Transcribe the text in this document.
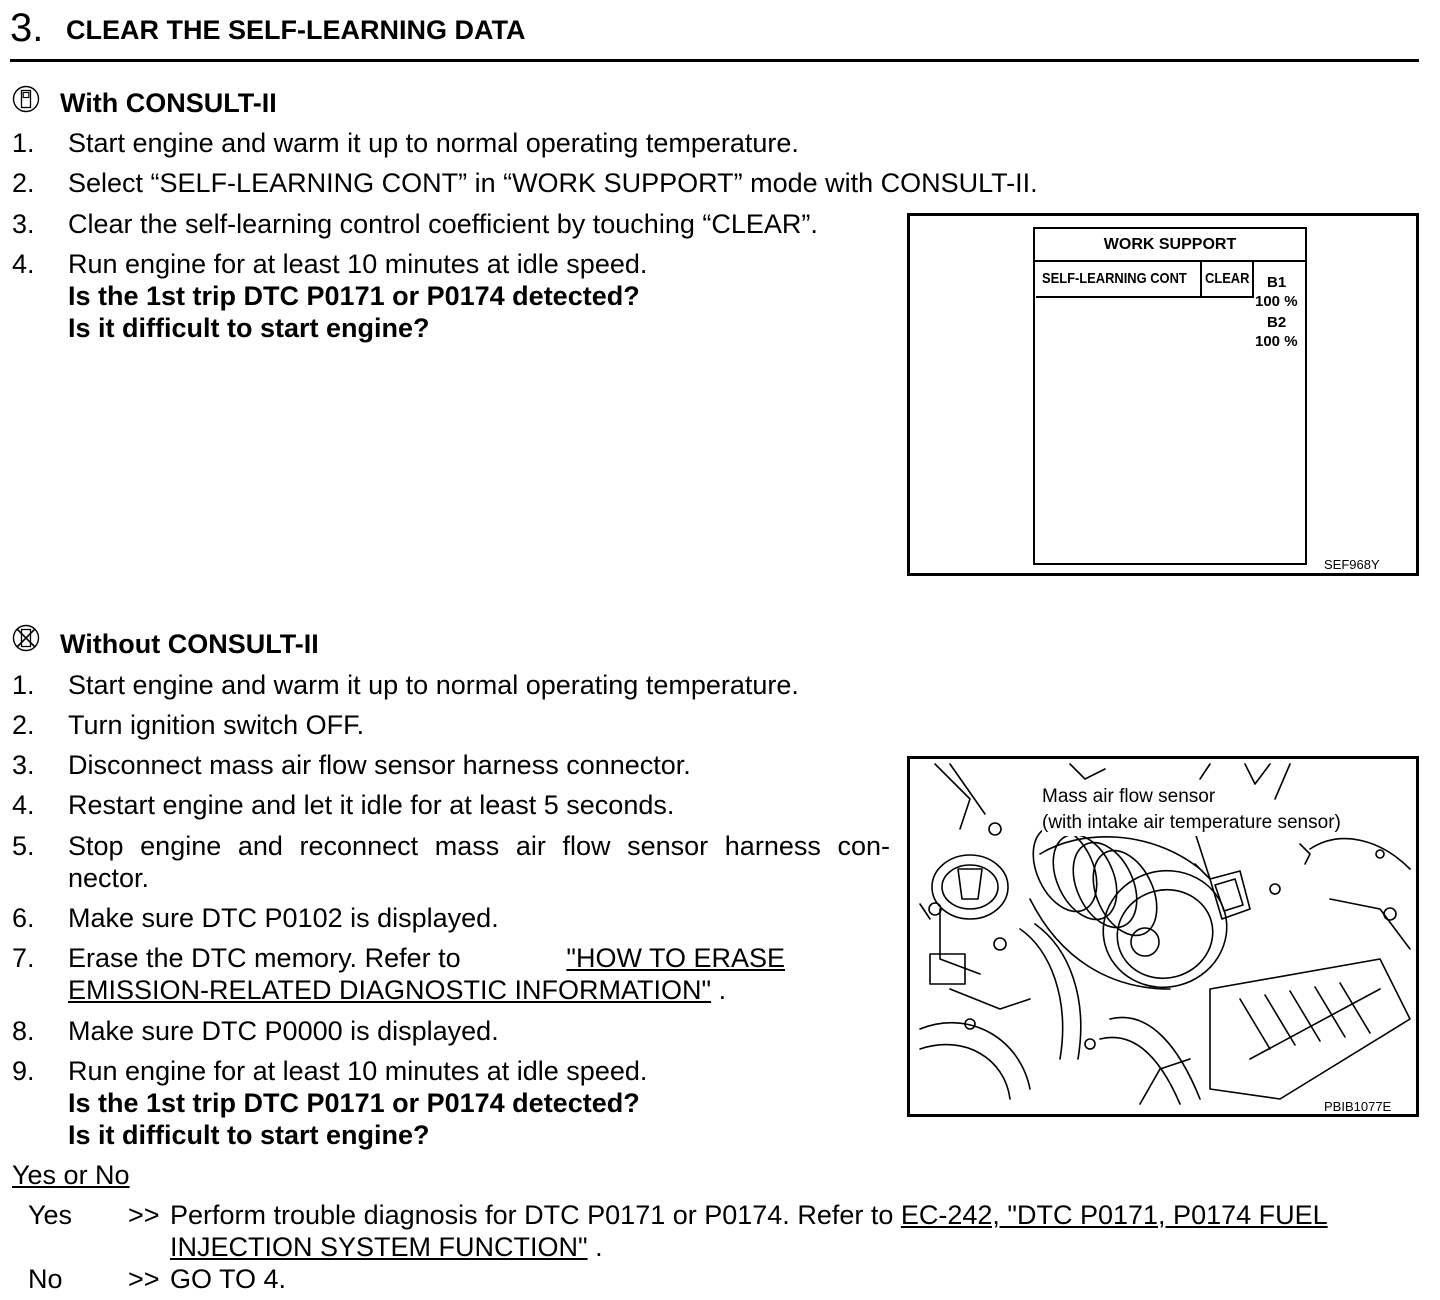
3. CLEAR THE SELF-LEARNING DATA
With CONSULT-II
1. Start engine and warm it up to normal operating temperature.
2. Select “SELF-LEARNING CONT” in “WORK SUPPORT” mode with CONSULT-II.
3. Clear the self-learning control coefficient by touching “CLEAR”.
4. Run engine for at least 10 minutes at idle speed.
Is the 1st trip DTC P0171 or P0174 detected?
Is it difficult to start engine?
WORK SUPPORT
SELF-LEARNING CONT CLEAR B1
100 %
B2
100 %
SEF968Y
Without CONSULT-II
1. Start engine and warm it up to normal operating temperature.
2. Turn ignition switch OFF.
3. Disconnect mass air flow sensor harness connector.
4. Restart engine and let it idle for at least 5 seconds.
5. Stop engine and reconnect mass air flow sensor harness con-
nector.
6. Make sure DTC P0102 is displayed.
7. Erase the DTC memory. Refer to	"HOW TO ERASE
EMISSION-RELATED DIAGNOSTIC INFORMATION" .
8. Make sure DTC P0000 is displayed.
9. Run engine for at least 10 minutes at idle speed.
Is the 1st trip DTC P0171 or P0174 detected?
Is it difficult to start engine?
Mass air flow sensor
(with intake air temperature sensor)
PBIB1077E
Yes or No
Yes >> Perform trouble diagnosis for DTC P0171 or P0174. Refer to EC-242, "DTC P0171, P0174 FUEL
INJECTION SYSTEM FUNCTION" .
No >> GO TO 4.
